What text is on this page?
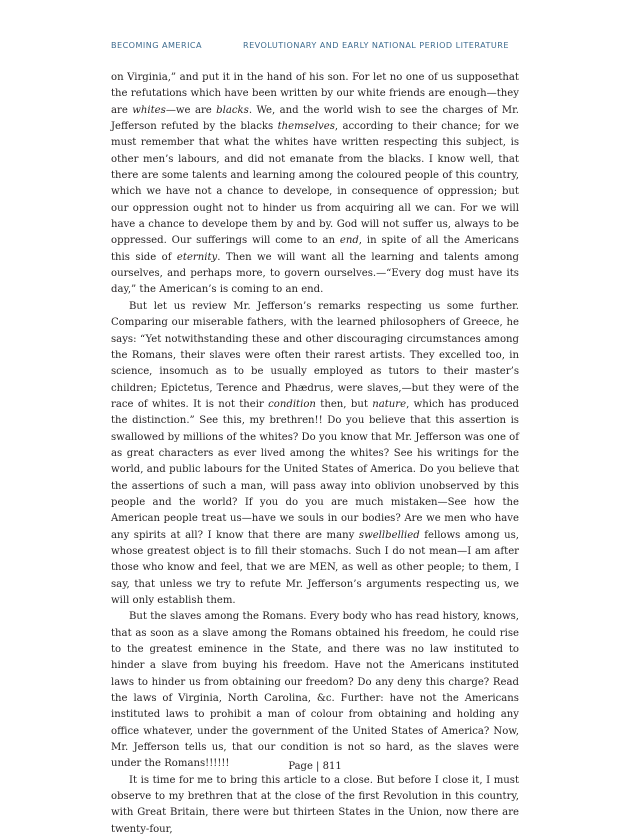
BECOMING AMERICA	REVOLUTIONARY AND EARLY NATIONAL PERIOD LITERATURE

on Virginia,” and put it in the hand of his son. For let no one of us supposethat the refutations which have been written by our white friends are enough—they are whites—we are blacks. We, and the world wish to see the charges of Mr. Jefferson refuted by the blacks themselves, according to their chance; for we must remember that what the whites have written respecting this subject, is other men’s labours, and did not emanate from the blacks. I know well, that there are some talents and learning among the coloured people of this country, which we have not a chance to develope, in consequence of oppression; but our oppression ought not to hinder us from acquiring all we can. For we will have a chance to develope them by and by. God will not suffer us, always to be oppressed. Our sufferings will come to an end, in spite of all the Americans this side of eternity. Then we will want all the learning and talents among ourselves, and perhaps more, to govern ourselves.—“Every dog must have its day,” the American’s is coming to an end.

But let us review Mr. Jefferson’s remarks respecting us some further. Comparing our miserable fathers, with the learned philosophers of Greece, he says: “Yet notwithstanding these and other discouraging circumstances among the Romans, their slaves were often their rarest artists. They excelled too, in science, insomuch as to be usually employed as tutors to their master’s children; Epictetus, Terence and Phædrus, were slaves,—but they were of the race of whites. It is not their condition then, but nature, which has produced the distinction.” See this, my brethren!! Do you believe that this assertion is swallowed by millions of the whites? Do you know that Mr. Jefferson was one of as great characters as ever lived among the whites? See his writings for the world, and public labours for the United States of America. Do you believe that the assertions of such a man, will pass away into oblivion unobserved by this people and the world? If you do you are much mistaken—See how the American people treat us—have we souls in our bodies? Are we men who have any spirits at all? I know that there are many swellbellied fellows among us, whose greatest object is to fill their stomachs. Such I do not mean—I am after those who know and feel, that we are MEN, as well as other people; to them, I say, that unless we try to refute Mr. Jefferson’s arguments respecting us, we will only establish them.

But the slaves among the Romans. Every body who has read history, knows, that as soon as a slave among the Romans obtained his freedom, he could rise to the greatest eminence in the State, and there was no law instituted to hinder a slave from buying his freedom. Have not the Americans instituted laws to hinder us from obtaining our freedom? Do any deny this charge? Read the laws of Virginia, North Carolina, &c. Further: have not the Americans instituted laws to prohibit a man of colour from obtaining and holding any office whatever, under the government of the United States of America? Now, Mr. Jefferson tells us, that our condition is not so hard, as the slaves were under the Romans!!!!!!

It is time for me to bring this article to a close. But before I close it, I must observe to my brethren that at the close of the first Revolution in this country, with Great Britain, there were but thirteen States in the Union, now there are twenty-four,

Page | 811
